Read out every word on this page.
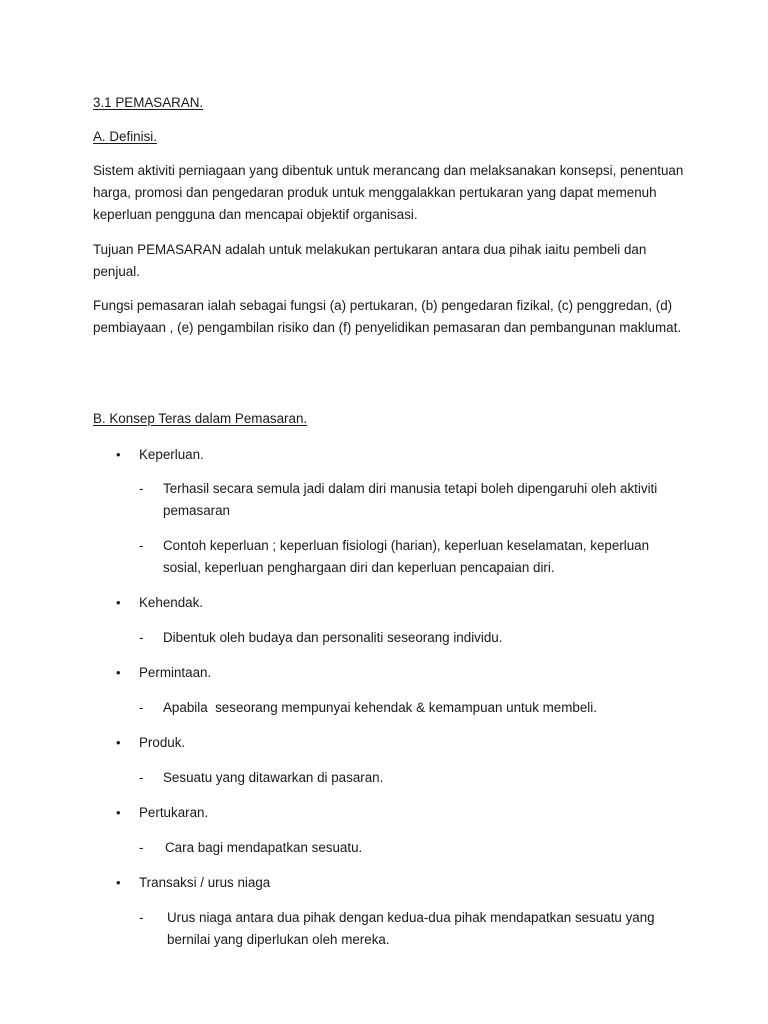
3.1 PEMASARAN.
A. Definisi.

Sistem aktiviti perniagaan yang dibentuk untuk merancang dan melaksanakan konsepsi, penentuan harga, promosi dan pengedaran produk untuk menggalakkan pertukaran yang dapat memenuh keperluan pengguna dan mencapai objektif organisasi.

Tujuan PEMASARAN adalah untuk melakukan pertukaran antara dua pihak iaitu pembeli dan penjual.

Fungsi pemasaran ialah sebagai fungsi (a) pertukaran, (b) pengedaran fizikal, (c) penggredan, (d) pembiayaan , (e) pengambilan risiko dan (f) penyelidikan pemasaran dan pembangunan maklumat.

B. Konsep Teras dalam Pemasaran.
•	Keperluan.
- Terhasil secara semula jadi dalam diri manusia tetapi boleh dipengaruhi oleh aktiviti pemasaran
- Contoh keperluan ; keperluan fisiologi (harian), keperluan keselamatan, keperluan sosial, keperluan penghargaan diri dan keperluan pencapaian diri.
•	Kehendak.
- Dibentuk oleh budaya dan personaliti seseorang individu.
•	Permintaan.
- Apabila  seseorang mempunyai kehendak & kemampuan untuk membeli.
•	Produk.
- Sesuatu yang ditawarkan di pasaran.
•	Pertukaran.
- Cara bagi mendapatkan sesuatu.
•	Transaksi / urus niaga
- Urus niaga antara dua pihak dengan kedua-dua pihak mendapatkan sesuatu yang bernilai yang diperlukan oleh mereka.
